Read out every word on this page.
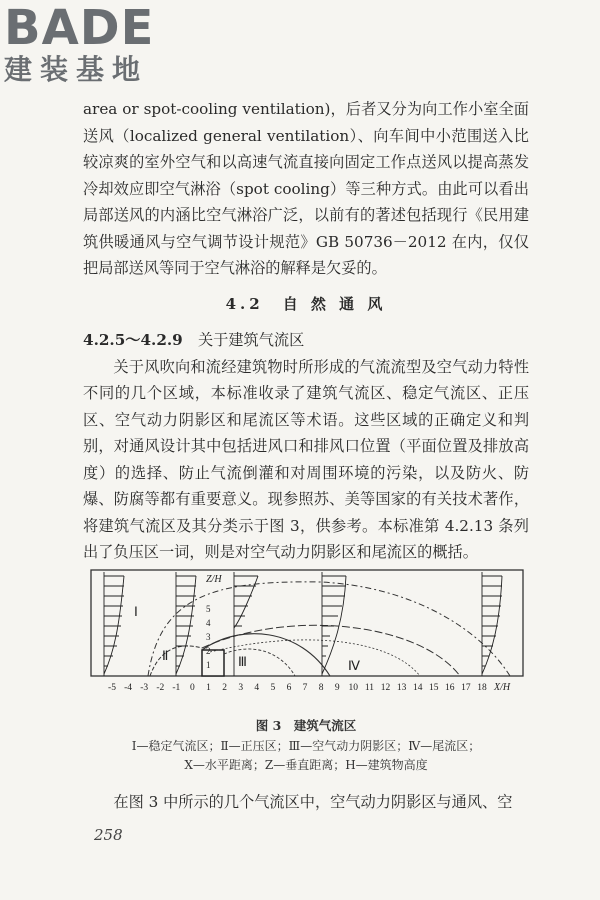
BADE
建装基地

area or spot-cooling ventilation)，后者又分为向工作小室全面送风（localized general ventilation）、向车间中小范围送入比较凉爽的室外空气和以高速气流直接向固定工作点送风以提高蒸发冷却效应即空气淋浴（spot cooling）等三种方式。由此可以看出局部送风的内涵比空气淋浴广泛，以前有的著述包括现行《民用建筑供暖通风与空气调节设计规范》GB 50736－2012 在内，仅仅把局部送风等同于空气淋浴的解释是欠妥的。

4.2　自 然 通 风

4.2.5～4.2.9　关于建筑气流区

关于风吹向和流经建筑物时所形成的气流流型及空气动力特性不同的几个区域，本标准收录了建筑气流区、稳定气流区、正压区、空气动力阴影区和尾流区等术语。这些区域的正确定义和判别，对通风设计其中包括进风口和排风口位置（平面位置及排放高度）的选择、防止气流倒灌和对周围环境的污染，以及防火、防爆、防腐等都有重要意义。现参照苏、美等国家的有关技术著作，将建筑气流区及其分类示于图 3，供参考。本标准第 4.2.13 条列出了负压区一词，则是对空气动力阴影区和尾流区的概括。

Z/H
1
2
3
4
5
Ⅰ
Ⅱ	Ⅲ	Ⅳ
-5 -4 -3 -2 -1 0 1 2 3 4 5 6 7 8 9 10 11 12 13 14 15 16 17 18 X/H
图 3　建筑气流区
Ⅰ—稳定气流区；Ⅱ—正压区；Ⅲ—空气动力阴影区；Ⅳ—尾流区；
X—水平距离；Z—垂直距离；H—建筑物高度

在图 3 中所示的几个气流区中，空气动力阴影区与通风、空

258
